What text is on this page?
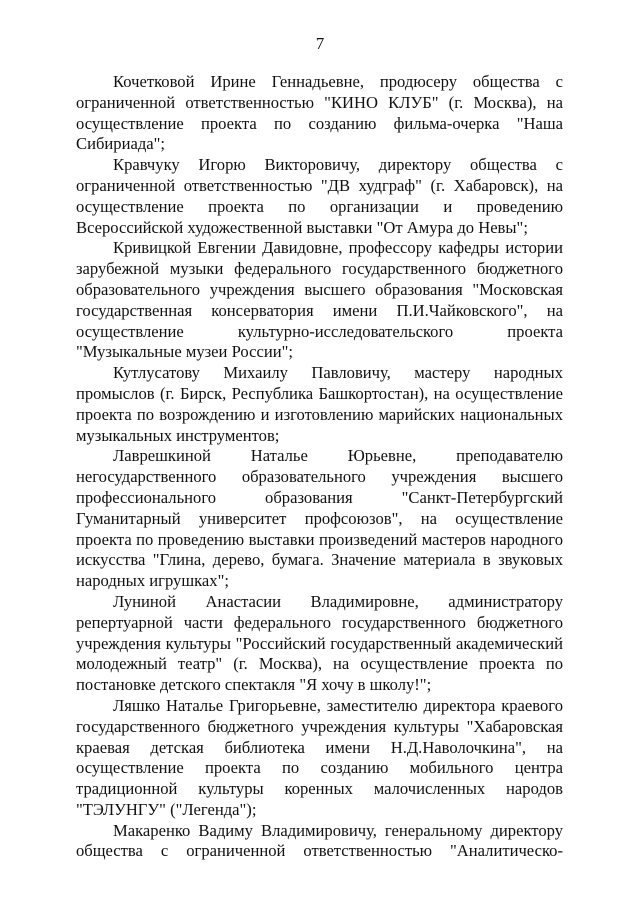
7

Кочетковой Ирине Геннадьевне, продюсеру общества с ограниченной ответственностью "КИНО КЛУБ" (г. Москва), на осуществление проекта по созданию фильма-очерка "Наша Сибириада";

Кравчуку Игорю Викторовичу, директору общества с ограниченной ответственностью "ДВ худграф" (г. Хабаровск), на осуществление проекта по организации и проведению Всероссийской художественной выставки "От Амура до Невы";

Кривицкой Евгении Давидовне, профессору кафедры истории зарубежной музыки федерального государственного бюджетного образовательного учреждения высшего образования "Московская государственная консерватория имени П.И.Чайковского", на осуществление культурно-исследовательского проекта "Музыкальные музеи России";

Кутлусатову Михаилу Павловичу, мастеру народных промыслов (г. Бирск, Республика Башкортостан), на осуществление проекта по возрождению и изготовлению марийских национальных музыкальных инструментов;

Лаврешкиной Наталье Юрьевне, преподавателю негосударственного образовательного учреждения высшего профессионального образования "Санкт-Петербургский Гуманитарный университет профсоюзов", на осуществление проекта по проведению выставки произведений мастеров народного искусства "Глина, дерево, бумага. Значение материала в звуковых народных игрушках";

Луниной Анастасии Владимировне, администратору репертуарной части федерального государственного бюджетного учреждения культуры "Российский государственный академический молодежный театр" (г. Москва), на осуществление проекта по постановке детского спектакля "Я хочу в школу!";

Ляшко Наталье Григорьевне, заместителю директора краевого государственного бюджетного учреждения культуры "Хабаровская краевая детская библиотека имени Н.Д.Наволочкина", на осуществление проекта по созданию мобильного центра традиционной культуры коренных малочисленных народов "ТЭЛУНГУ" ("Легенда");

Макаренко Вадиму Владимировичу, генеральному директору общества с ограниченной ответственностью "Аналитическо-
